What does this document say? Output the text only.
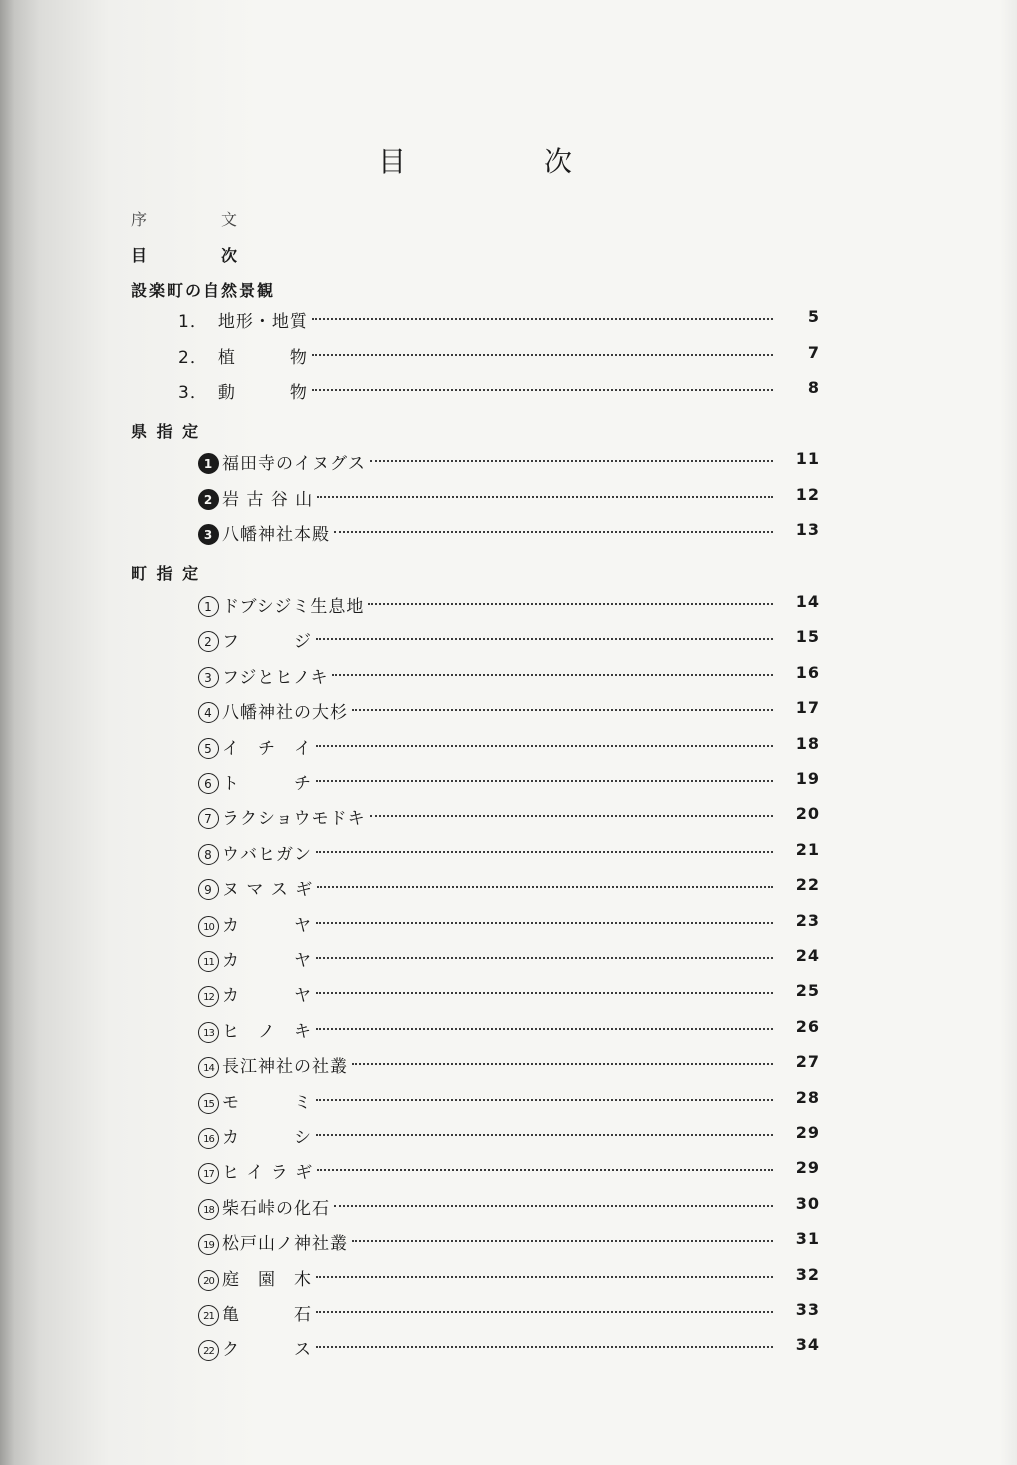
目	次
序	文
目	次
設楽町の自然景観
1． 地形・地質	5
2． 植　　　物	7
3． 動　　　物	8
県 指 定
1 福田寺のイヌグス	11
2 岩 古 谷 山	12
3 八幡神社本殿	13
町 指 定
1 ドブシジミ生息地	14
2 フ　　　ジ	15
3 フジとヒノキ	16
4 八幡神社の大杉	17
5 イ　チ　イ	18
6 ト　　　チ	19
7 ラクショウモドキ	20
8 ウバヒガン	21
9 ヌ マ ス ギ	22
10 カ　　　ヤ	23
11 カ　　　ヤ	24
12 カ　　　ヤ	25
13 ヒ　ノ　キ	26
14 長江神社の社叢	27
15 モ　　　ミ	28
16 カ　　　シ	29
17 ヒ イ ラ ギ	29
18 柴石峠の化石	30
19 松戸山ノ神社叢	31
20 庭　園　木	32
21 亀　　　石	33
22 ク　　　ス	34
